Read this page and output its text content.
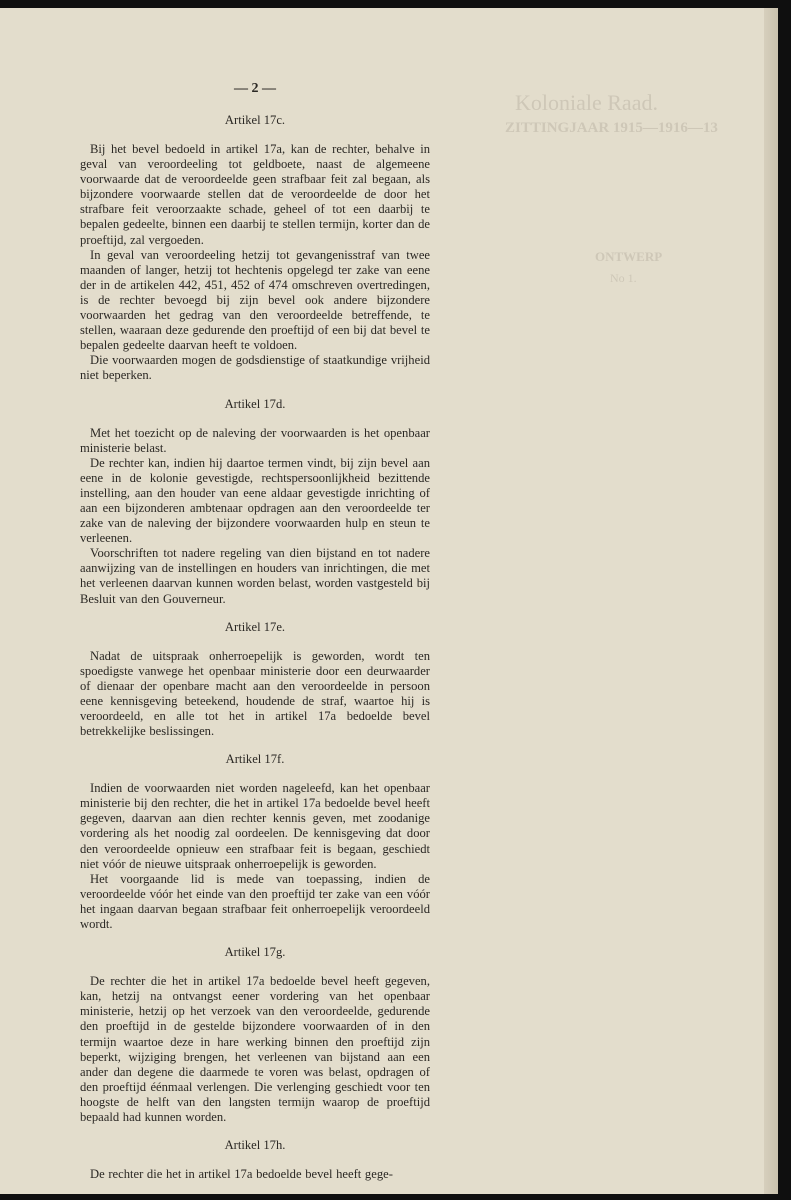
Koloniale Raad.
ZITTINGJAAR 1915—1916—13
ONTWERP
No 1.
— 2 —
Artikel 17c.

Bij het bevel bedoeld in artikel 17a, kan de rechter, behalve in geval van veroordeeling tot geldboete, naast de algemeene voorwaarde dat de veroordeelde geen strafbaar feit zal begaan, als bijzondere voorwaarde stellen dat de veroordeelde de door het strafbare feit veroorzaakte schade, geheel of tot een daarbij te bepalen gedeelte, binnen een daarbij te stellen termijn, korter dan de proeftijd, zal vergoeden.

In geval van veroordeeling hetzij tot gevangenisstraf van twee maanden of langer, hetzij tot hechtenis opgelegd ter zake van eene der in de artikelen 442, 451, 452 of 474 omschreven overtredingen, is de rechter bevoegd bij zijn bevel ook andere bijzondere voorwaarden het gedrag van den veroordeelde betreffende, te stellen, waaraan deze gedurende den proeftijd of een bij dat bevel te bepalen gedeelte daarvan heeft te voldoen.

Die voorwaarden mogen de godsdienstige of staatkundige vrijheid niet beperken.

Artikel 17d.

Met het toezicht op de naleving der voorwaarden is het openbaar ministerie belast.

De rechter kan, indien hij daartoe termen vindt, bij zijn bevel aan eene in de kolonie gevestigde, rechtspersoonlijkheid bezittende instelling, aan den houder van eene aldaar gevestigde inrichting of aan een bijzonderen ambtenaar opdragen aan den veroordeelde ter zake van de naleving der bijzondere voorwaarden hulp en steun te verleenen.

Voorschriften tot nadere regeling van dien bijstand en tot nadere aanwijzing van de instellingen en houders van inrichtingen, die met het verleenen daarvan kunnen worden belast, worden vastgesteld bij Besluit van den Gouverneur.

Artikel 17e.

Nadat de uitspraak onherroepelijk is geworden, wordt ten spoedigste vanwege het openbaar ministerie door een deurwaarder of dienaar der openbare macht aan den veroordeelde in persoon eene kennisgeving beteekend, houdende de straf, waartoe hij is veroordeeld, en alle tot het in artikel 17a bedoelde bevel betrekkelijke beslissingen.

Artikel 17f.

Indien de voorwaarden niet worden nageleefd, kan het openbaar ministerie bij den rechter, die het in artikel 17a bedoelde bevel heeft gegeven, daarvan aan dien rechter kennis geven, met zoodanige vordering als het noodig zal oordeelen. De kennisgeving dat door den veroordeelde opnieuw een strafbaar feit is begaan, geschiedt niet vóór de nieuwe uitspraak onherroepelijk is geworden.

Het voorgaande lid is mede van toepassing, indien de veroordeelde vóór het einde van den proeftijd ter zake van een vóór het ingaan daarvan begaan strafbaar feit onherroepelijk veroordeeld wordt.

Artikel 17g.

De rechter die het in artikel 17a bedoelde bevel heeft gegeven, kan, hetzij na ontvangst eener vordering van het openbaar ministerie, hetzij op het verzoek van den veroordeelde, gedurende den proeftijd in de gestelde bijzondere voorwaarden of in den termijn waartoe deze in hare werking binnen den proeftijd zijn beperkt, wijziging brengen, het verleenen van bijstand aan een ander dan degene die daarmede te voren was belast, opdragen of den proeftijd éénmaal verlengen. Die verlenging geschiedt voor ten hoogste de helft van den langsten termijn waarop de proeftijd bepaald had kunnen worden.

Artikel 17h.

De rechter die het in artikel 17a bedoelde bevel heeft gege-
